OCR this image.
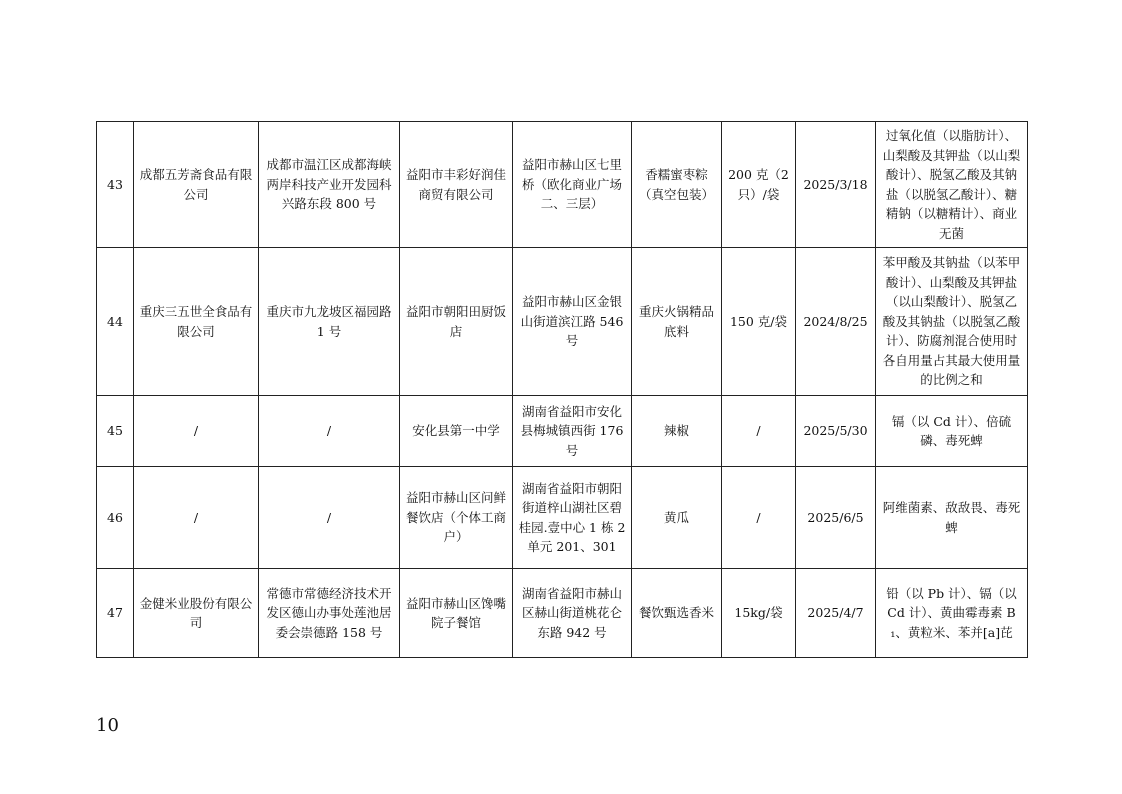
43	成都五芳斋食品有限公司	成都市温江区成都海峡两岸科技产业开发园科兴路东段 800 号	益阳市丰彩好润佳商贸有限公司	益阳市赫山区七里桥（欧化商业广场二、三层）	香糯蜜枣粽（真空包装）	200 克（2 只）/袋	2025/3/18	过氧化值（以脂肪计）、山梨酸及其钾盐（以山梨酸计）、脱氢乙酸及其钠盐（以脱氢乙酸计）、糖精钠（以糖精计）、商业无菌
44	重庆三五世全食品有限公司	重庆市九龙坡区福园路 1 号	益阳市朝阳田厨饭店	益阳市赫山区金银山街道滨江路 546 号	重庆火锅精品底料	150 克/袋	2024/8/25	苯甲酸及其钠盐（以苯甲酸计）、山梨酸及其钾盐（以山梨酸计）、脱氢乙酸及其钠盐（以脱氢乙酸计）、防腐剂混合使用时各自用量占其最大使用量的比例之和
45	/	/	安化县第一中学	湖南省益阳市安化县梅城镇西街 176 号	辣椒	/	2025/5/30	镉（以 Cd 计）、倍硫磷、毒死蜱
46	/	/	益阳市赫山区问鲜餐饮店（个体工商户）	湖南省益阳市朝阳街道梓山湖社区碧桂园.壹中心 1 栋 2 单元 201、301	黄瓜	/	2025/6/5	阿维菌素、敌敌畏、毒死蜱
47	金健米业股份有限公司	常德市常德经济技术开发区德山办事处莲池居委会崇德路 158 号	益阳市赫山区馋嘴院子餐馆	湖南省益阳市赫山区赫山街道桃花仑东路 942 号	餐饮甄选香米	15kg/袋	2025/4/7	铅（以 Pb 计）、镉（以 Cd 计）、黄曲霉毒素 B₁、黄粒米、苯并[a]芘
10
